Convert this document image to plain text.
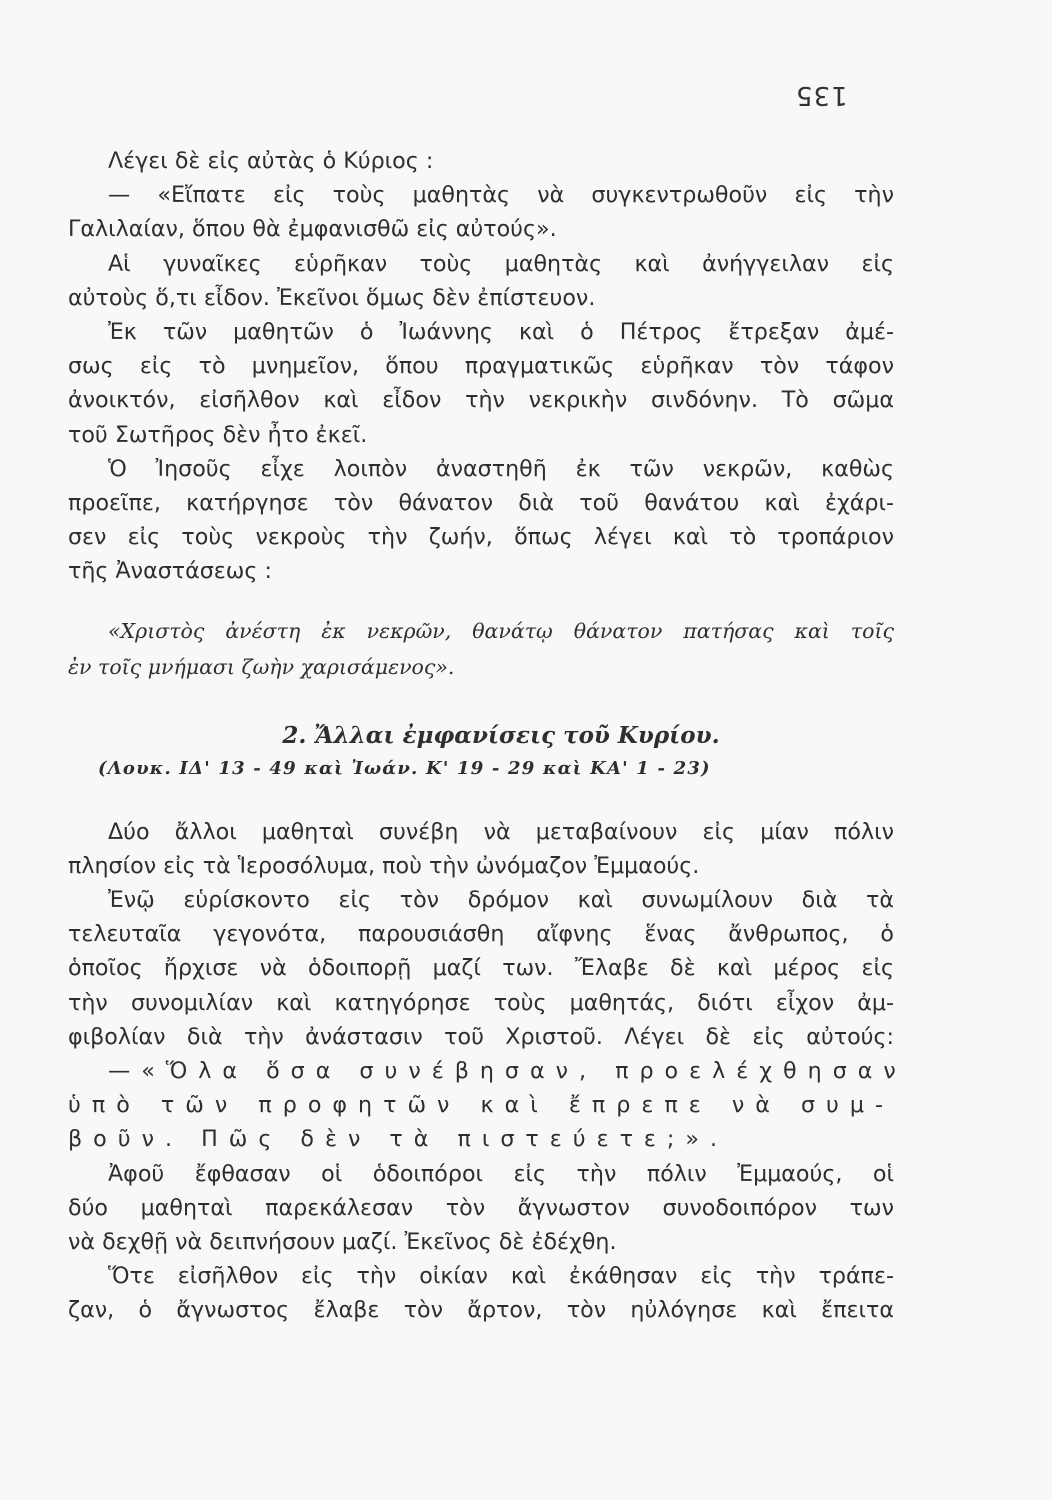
135

Λέγει δὲ εἰς αὐτὰς ὁ Κύριος :

— «Εἴπατε εἰς τοὺς μαθητὰς νὰ συγκεντρωθοῦν εἰς τὴν

Γαλιλαίαν, ὅπου θὰ ἐμφανισθῶ εἰς αὐτούς».

Αἱ γυναῖκες εὑρῆκαν τοὺς μαθητὰς καὶ ἀνήγγειλαν εἰς

αὐτοὺς ὅ,τι εἶδον. Ἐκεῖνοι ὅμως δὲν ἐπίστευον.

Ἐκ τῶν μαθητῶν ὁ Ἰωάννης καὶ ὁ Πέτρος ἔτρεξαν ἀμέ-

σως εἰς τὸ μνημεῖον, ὅπου πραγματικῶς εὑρῆκαν τὸν τάφον

ἀνοικτόν, εἰσῆλθον καὶ εἶδον τὴν νεκρικὴν σινδόνην. Τὸ σῶμα

τοῦ Σωτῆρος δὲν ἦτο ἐκεῖ.

Ὁ Ἰησοῦς εἶχε λοιπὸν ἀναστηθῆ ἐκ τῶν νεκρῶν, καθὼς

προεῖπε, κατήργησε τὸν θάνατον διὰ τοῦ θανάτου καὶ ἐχάρι-

σεν εἰς τοὺς νεκροὺς τὴν ζωήν, ὅπως λέγει καὶ τὸ τροπάριον

τῆς Ἀναστάσεως :

«Χριστὸς ἀνέστη ἐκ νεκρῶν, θανάτῳ θάνατον πατήσας καὶ τοῖς

ἐν τοῖς μνήμασι ζωὴν χαρισάμενος».

2. Ἄλλαι ἐμφανίσεις τοῦ Κυρίου.

(Λουκ. ΙΔ' 13 - 49 καὶ Ἰωάν. Κ' 19 - 29 καὶ ΚΑ' 1 - 23)

Δύο ἄλλοι μαθηταὶ συνέβη νὰ μεταβαίνουν εἰς μίαν πόλιν

πλησίον εἰς τὰ Ἱεροσόλυμα, ποὺ τὴν ὠνόμαζον Ἐμμαούς.

Ἐνῷ εὑρίσκοντο εἰς τὸν δρόμον καὶ συνωμίλουν διὰ τὰ

τελευταῖα γεγονότα, παρουσιάσθη αἴφνης ἕνας ἄνθρωπος, ὁ

ὁποῖος ἤρχισε νὰ ὁδοιπορῇ μαζί των. Ἔλαβε δὲ καὶ μέρος εἰς

τὴν συνομιλίαν καὶ κατηγόρησε τοὺς μαθητάς, διότι εἶχον ἀμ-

φιβολίαν διὰ τὴν ἀνάστασιν τοῦ Χριστοῦ. Λέγει δὲ εἰς αὐτούς:

—«Ὅλα ὅσα συνέβησαν, προελέχθησαν

ὑπὸ τῶν προφητῶν καὶ ἔπρεπε νὰ συμ-

βοῦν. Πῶς δὲν τὰ πιστεύετε;».

Ἀφοῦ ἔφθασαν οἱ ὁδοιπόροι εἰς τὴν πόλιν Ἐμμαούς, οἱ

δύο μαθηταὶ παρεκάλεσαν τὸν ἄγνωστον συνοδοιπόρον των

νὰ δεχθῇ νὰ δειπνήσουν μαζί. Ἐκεῖνος δὲ ἐδέχθη.

Ὅτε εἰσῆλθον εἰς τὴν οἰκίαν καὶ ἐκάθησαν εἰς τὴν τράπε-

ζαν, ὁ ἄγνωστος ἔλαβε τὸν ἄρτον, τὸν ηὐλόγησε καὶ ἔπειτα
